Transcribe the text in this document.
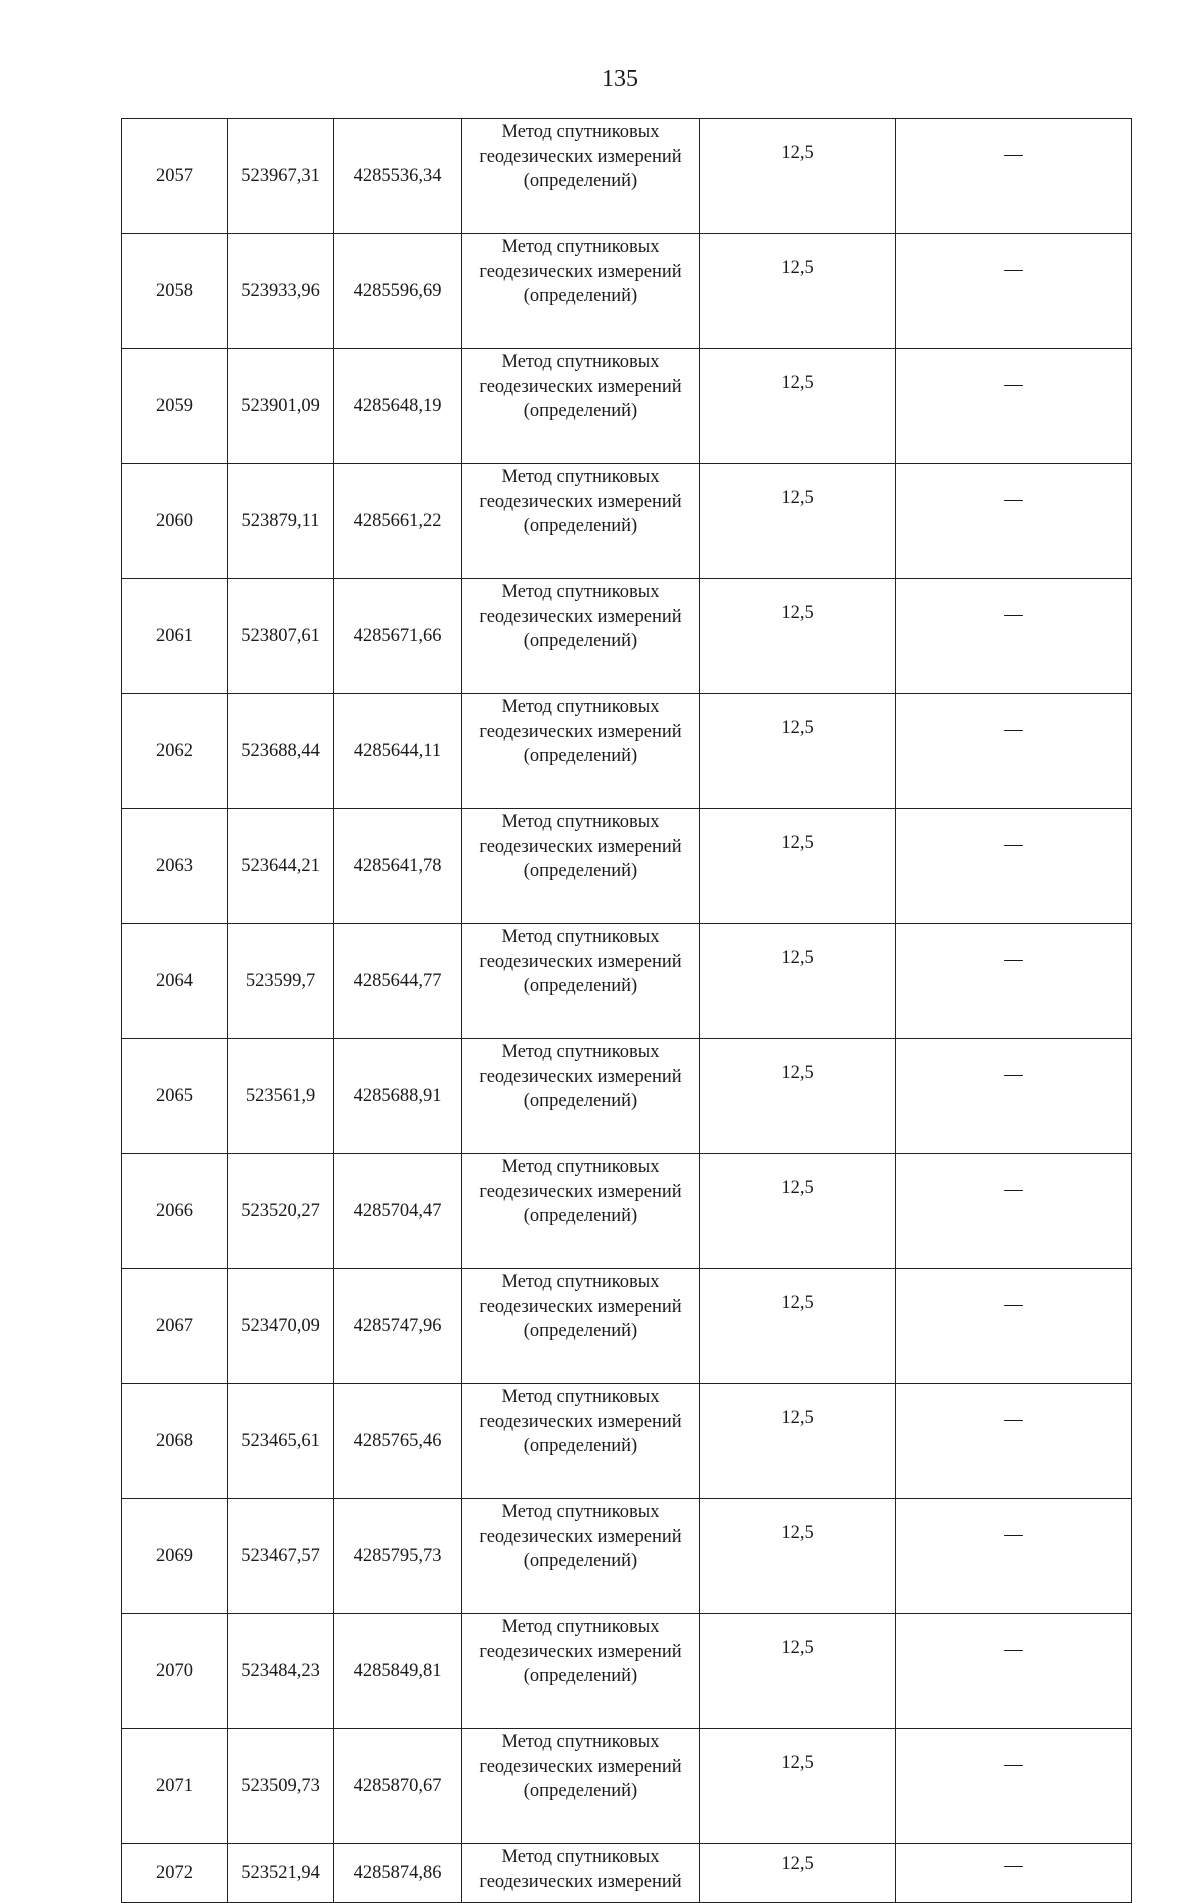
135
2057	523967,31	4285536,34	Метод спутниковых
геодезических измерений
(определений)	12,5	—
2058	523933,96	4285596,69	Метод спутниковых
геодезических измерений
(определений)	12,5	—
2059	523901,09	4285648,19	Метод спутниковых
геодезических измерений
(определений)	12,5	—
2060	523879,11	4285661,22	Метод спутниковых
геодезических измерений
(определений)	12,5	—
2061	523807,61	4285671,66	Метод спутниковых
геодезических измерений
(определений)	12,5	—
2062	523688,44	4285644,11	Метод спутниковых
геодезических измерений
(определений)	12,5	—
2063	523644,21	4285641,78	Метод спутниковых
геодезических измерений
(определений)	12,5	—
2064	523599,7	4285644,77	Метод спутниковых
геодезических измерений
(определений)	12,5	—
2065	523561,9	4285688,91	Метод спутниковых
геодезических измерений
(определений)	12,5	—
2066	523520,27	4285704,47	Метод спутниковых
геодезических измерений
(определений)	12,5	—
2067	523470,09	4285747,96	Метод спутниковых
геодезических измерений
(определений)	12,5	—
2068	523465,61	4285765,46	Метод спутниковых
геодезических измерений
(определений)	12,5	—
2069	523467,57	4285795,73	Метод спутниковых
геодезических измерений
(определений)	12,5	—
2070	523484,23	4285849,81	Метод спутниковых
геодезических измерений
(определений)	12,5	—
2071	523509,73	4285870,67	Метод спутниковых
геодезических измерений
(определений)	12,5	—
2072	523521,94	4285874,86	Метод спутниковых
геодезических измерений	12,5	—
